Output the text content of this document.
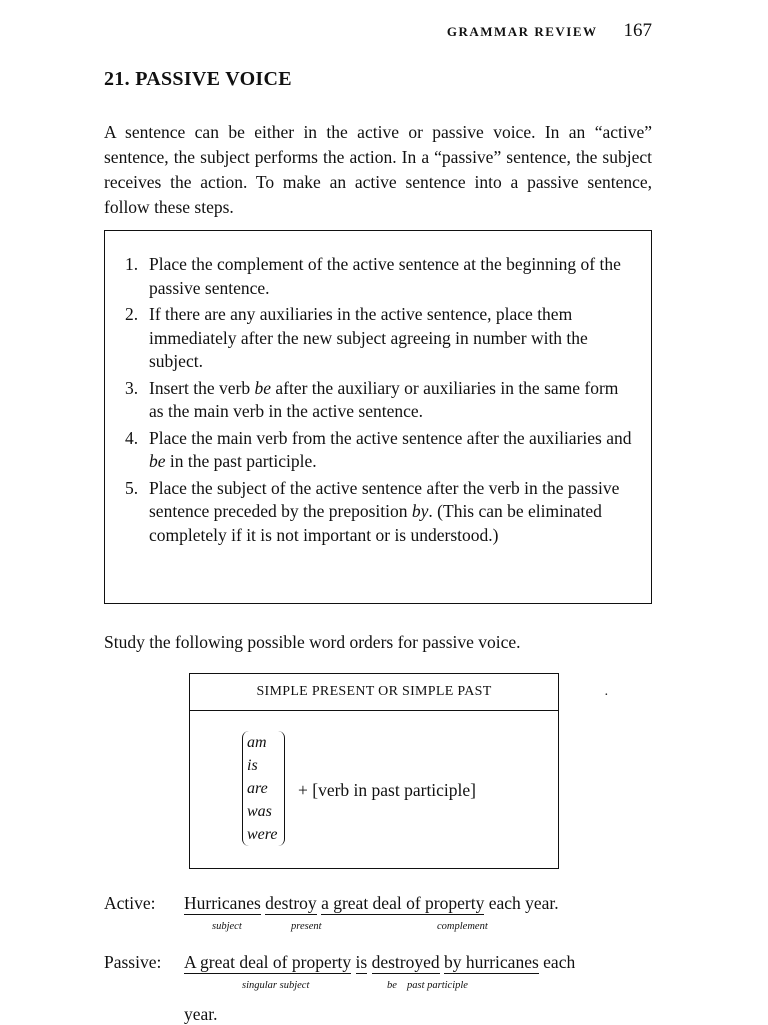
GRAMMAR REVIEW 167
21. PASSIVE VOICE

A sentence can be either in the active or passive voice. In an “active” sentence, the subject performs the action. In a “passive” sentence, the subject receives the action. To make an active sentence into a passive sentence, follow these steps.

1. Place the complement of the active sentence at the beginning of the passive sentence.
2. If there are any auxiliaries in the active sentence, place them immediately after the new subject agreeing in number with the subject.
3. Insert the verb be after the auxiliary or auxiliaries in the same form as the main verb in the active sentence.
4. Place the main verb from the active sentence after the auxiliaries and be in the past participle.
5. Place the subject of the active sentence after the verb in the passive sentence preceded by the preposition by. (This can be eliminated completely if it is not important or is understood.)

Study the following possible word orders for passive voice.

·
SIMPLE PRESENT OR SIMPLE PAST
am
is
are
was
were
+ [verb in past participle]
Active: Hurricanes destroy a great deal of property each year.
subject	present	complement
Passive: A great deal of property is destroyed by hurricanes each
singular subject	be past participle
year.
